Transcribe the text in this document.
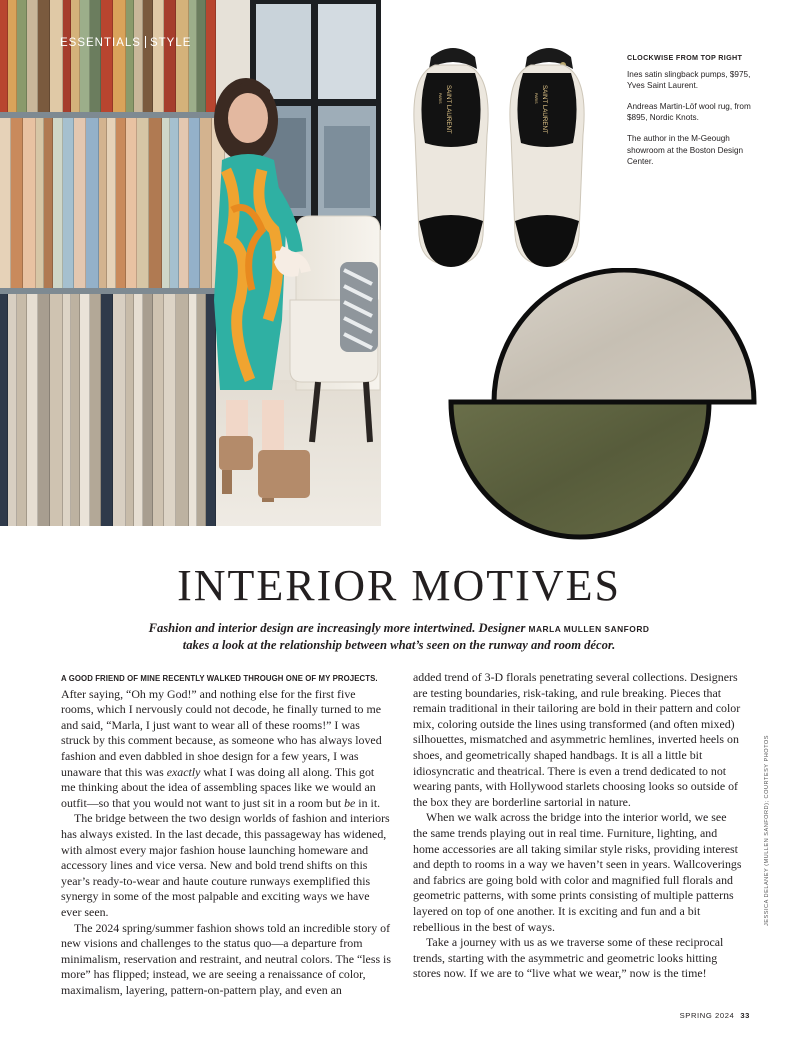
ESSENTIALS STYLE
SAINT LAURENT
PARIS	SAINT LAURENT
PARIS
CLOCKWISE FROM TOP RIGHT

Ines satin slingback pumps, $975, Yves Saint Laurent.

Andreas Martin-Löf wool rug, from $895, Nordic Knots.

The author in the M-Geough showroom at the Boston Design Center.

INTERIOR MOTIVES
Fashion and interior design are increasingly more intertwined. Designer MARLA MULLEN SANFORD
takes a look at the relationship between what’s seen on the runway and room décor.

A GOOD FRIEND OF MINE RECENTLY WALKED THROUGH ONE OF MY PROJECTS.
After saying, “Oh my God!” and nothing else for the first five rooms, which I nervously could not decode, he finally turned to me and said, “Marla, I just want to wear all of these rooms!” I was struck by this comment because, as someone who has always loved fashion and even dabbled in shoe design for a few years, I was unaware that this was exactly what I was doing all along. This got me thinking about the idea of assembling spaces like we would an outfit—so that you would not want to just sit in a room but be in it.

The bridge between the two design worlds of fashion and interiors has always existed. In the last decade, this passageway has widened, with almost every major fashion house launching homeware and accessory lines and vice versa. New and bold trend shifts on this year’s ready-to-wear and haute couture runways exemplified this synergy in some of the most palpable and exciting ways we have ever seen.

The 2024 spring/summer fashion shows told an incredible story of new visions and challenges to the status quo—a departure from minimalism, reservation and restraint, and neutral colors. The “less is more” has flipped; instead, we are seeing a renaissance of color, maximalism, layering, pattern-on-pattern play, and even an

added trend of 3-D florals penetrating several collections. Designers are testing boundaries, risk-taking, and rule breaking. Pieces that remain traditional in their tailoring are bold in their pattern and color mix, coloring outside the lines using transformed (and often mixed) silhouettes, mismatched and asymmetric hemlines, inverted heels on shoes, and geometrically shaped handbags. It is all a little bit idiosyncratic and theatrical. There is even a trend dedicated to not wearing pants, with Hollywood starlets choosing looks so outside of the box they are borderline sartorial in nature.

When we walk across the bridge into the interior world, we see the same trends playing out in real time. Furniture, lighting, and home accessories are all taking similar style risks, providing interest and depth to rooms in a way we haven’t seen in years. Wallcoverings and fabrics are going bold with color and magnified full florals and geometric patterns, with some prints consisting of multiple patterns layered on top of one another. It is exciting and fun and a bit rebellious in the best of ways.

Take a journey with us as we traverse some of these reciprocal trends, starting with the asymmetric and geometric looks hitting stores now. If we are to “live what we wear,” now is the time!

JESSICA DELANEY (MULLEN SANFORD); COURTESY PHOTOS
SPRING 2024 33
